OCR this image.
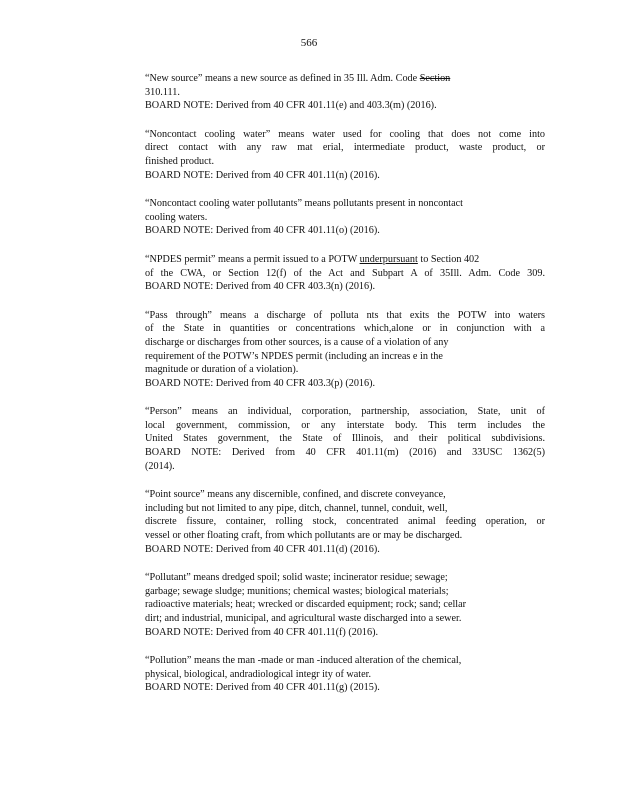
566
“New source” means a new source as defined in 35 Ill. Adm. Code Section
310.111.
BOARD NOTE: Derived from 40 CFR 401.11(e) and 403.3(m) (2016).
“Noncontact cooling water” means water used for cooling that does not come into
direct contact with any raw mat erial, intermediate product, waste product, or
finished product.
BOARD NOTE: Derived from 40 CFR 401.11(n) (2016).
“Noncontact cooling water pollutants” means pollutants present in noncontact
cooling waters.
BOARD NOTE: Derived from 40 CFR 401.11(o) (2016).
“NPDES permit” means a permit issued to a POTW underpursuant to Section 402
of the CWA, or Section 12(f) of the Act and Subpart A of 35Ill. Adm. Code 309.
BOARD NOTE: Derived from 40 CFR 403.3(n) (2016).
“Pass through” means a discharge of polluta nts that exits the POTW into waters
of the State in quantities or concentrations which,alone or in conjunction with a
discharge or discharges from other sources, is a cause of a violation of any
requirement of the POTW’s NPDES permit (including an increas e in the
magnitude or duration of a violation).
BOARD NOTE: Derived from 40 CFR 403.3(p) (2016).
“Person” means an individual, corporation, partnership, association, State, unit of
local government, commission, or any interstate body. This term includes the
United States government, the State of Illinois, and their political subdivisions.
BOARD NOTE: Derived from 40 CFR 401.11(m) (2016) and 33USC 1362(5)
(2014).
“Point source” means any discernible, confined, and discrete conveyance,
including but not limited to any pipe, ditch, channel, tunnel, conduit, well,
discrete fissure, container, rolling stock, concentrated animal feeding operation, or
vessel or other floating craft, from which pollutants are or may be discharged.
BOARD NOTE: Derived from 40 CFR 401.11(d) (2016).
“Pollutant” means dredged spoil; solid waste; incinerator residue; sewage;
garbage; sewage sludge; munitions; chemical wastes; biological materials;
radioactive materials; heat; wrecked or discarded equipment; rock; sand; cellar
dirt; and industrial, municipal, and agricultural waste discharged into a sewer.
BOARD NOTE: Derived from 40 CFR 401.11(f) (2016).
“Pollution” means the man -made or man -induced alteration of the chemical,
physical, biological, andradiological integr ity of water.
BOARD NOTE: Derived from 40 CFR 401.11(g) (2015).
